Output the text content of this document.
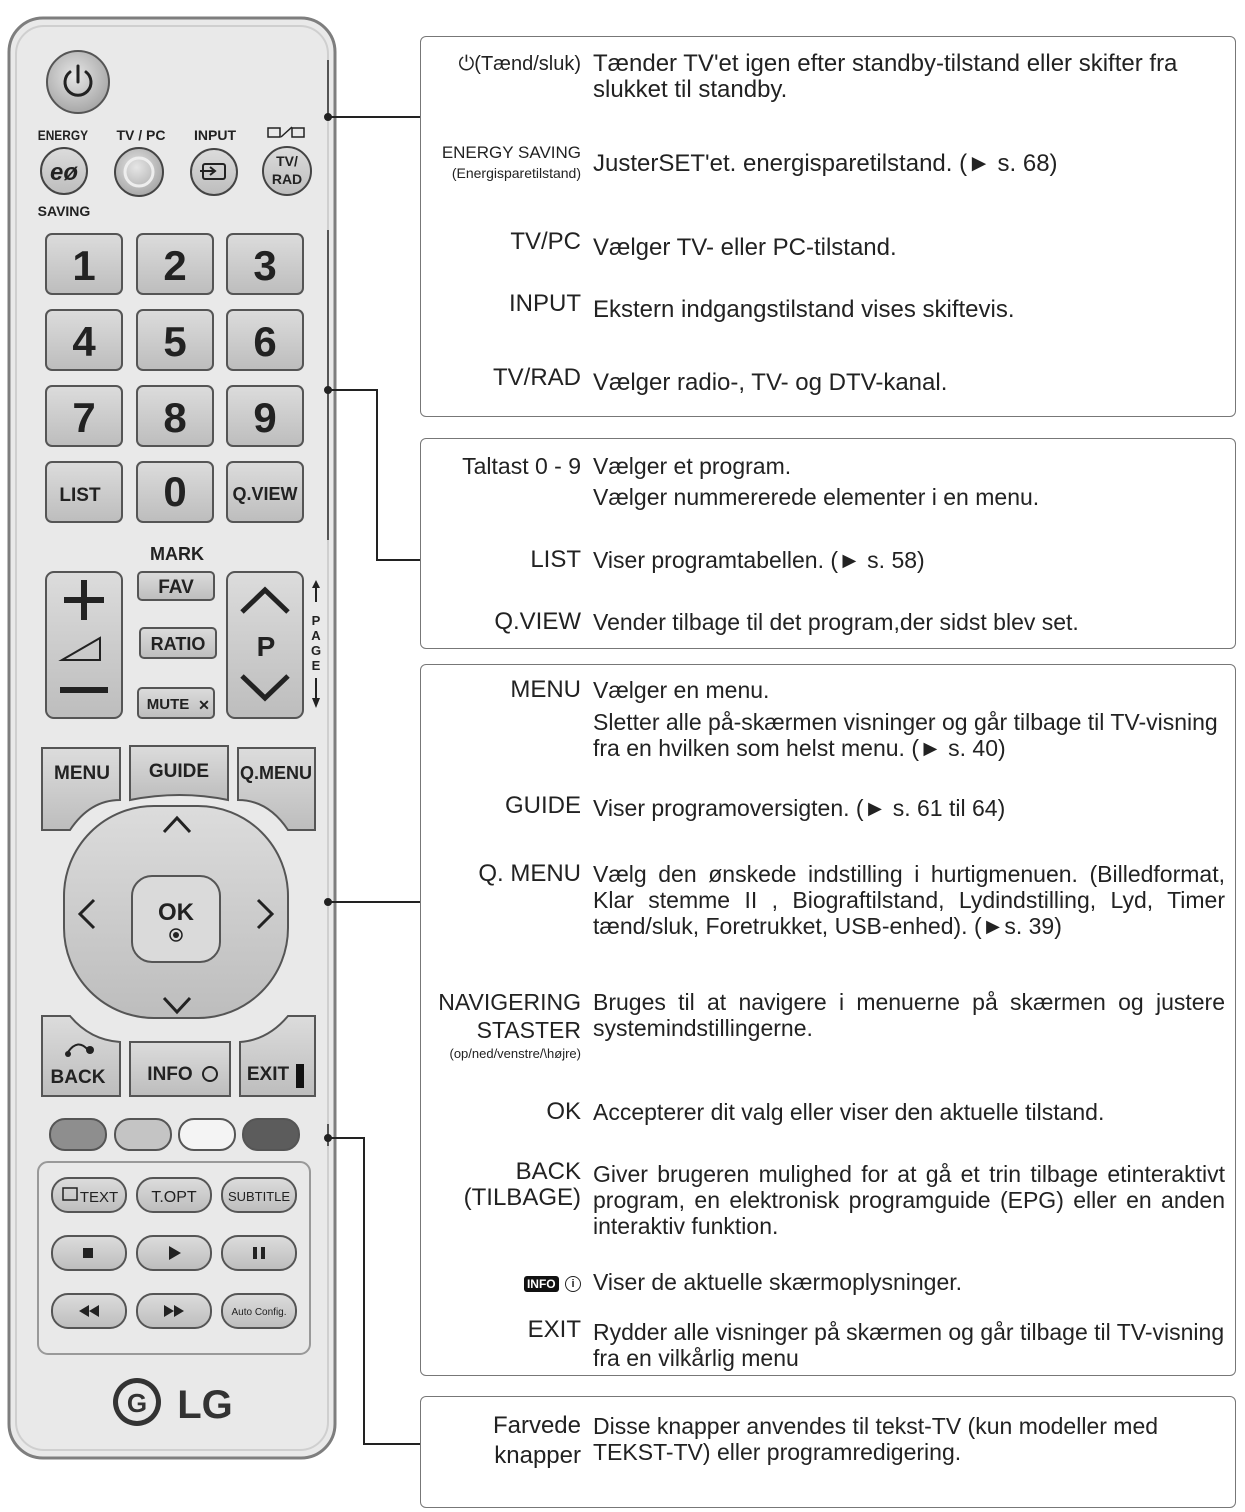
ENERGY TV / PC INPUT
eø
SAVING
TV/
RAD
1 2 3
4 5 6
7 8 9
LIST 0	Q.VIEW
MARK
FAV
RATIO
MUTE ✕
P
P
A
G
E
MENU GUIDE Q.MENU
OK
BACK INFO	EXIT
TEXT T.OPT SUBTITLE
Auto Config.
G LG
⏻(Tænd/sluk) Tænder TV'et igen efter standby-tilstand eller skifter fra slukket til standby.
ENERGY SAVING
(Energisparetilstand) JusterSET'et. energisparetilstand. (► s. 68)
TV/PC Vælger TV- eller PC-tilstand.
INPUT Ekstern indgangstilstand vises skiftevis.
TV/RAD Vælger radio-, TV- og DTV-kanal.
Taltast 0 - 9 Vælger et program.
Vælger nummererede elementer i en menu.
LIST Viser programtabellen. (► s. 58)
Q.VIEW Vender tilbage til det program,der sidst blev set.
MENU Vælger en menu.
Sletter alle på-skærmen visninger og går tilbage til TV-visning fra en hvilken som helst menu. (► s. 40)
GUIDE Viser programoversigten. (► s. 61 til 64)
Q. MENU Vælg den ønskede indstilling i hurtigmenuen. (Billedformat, Klar stemme II , Biograftilstand, Lydindstilling, Lyd, Timer tænd/sluk, Foretrukket, USB-enhed). (►s. 39)
NAVIGERING
STASTER
(op/ned/venstre/\højre)
Bruges til at navigere i menuerne på skærmen og justere systemindstillingerne.
OK Accepterer dit valg eller viser den aktuelle tilstand.
BACK
(TILBAGE)
Giver brugeren mulighed for at gå et trin tilbage etinteraktivt program, en elektronisk programguide (EPG) eller en anden interaktiv funktion.
INFO i Viser de aktuelle skærmoplysninger.
EXIT Rydder alle visninger på skærmen og går tilbage til TV-visning fra en vilkårlig menu
Farvede
knapper
Disse knapper anvendes til tekst-TV (kun modeller med TEKST-TV) eller programredigering.
